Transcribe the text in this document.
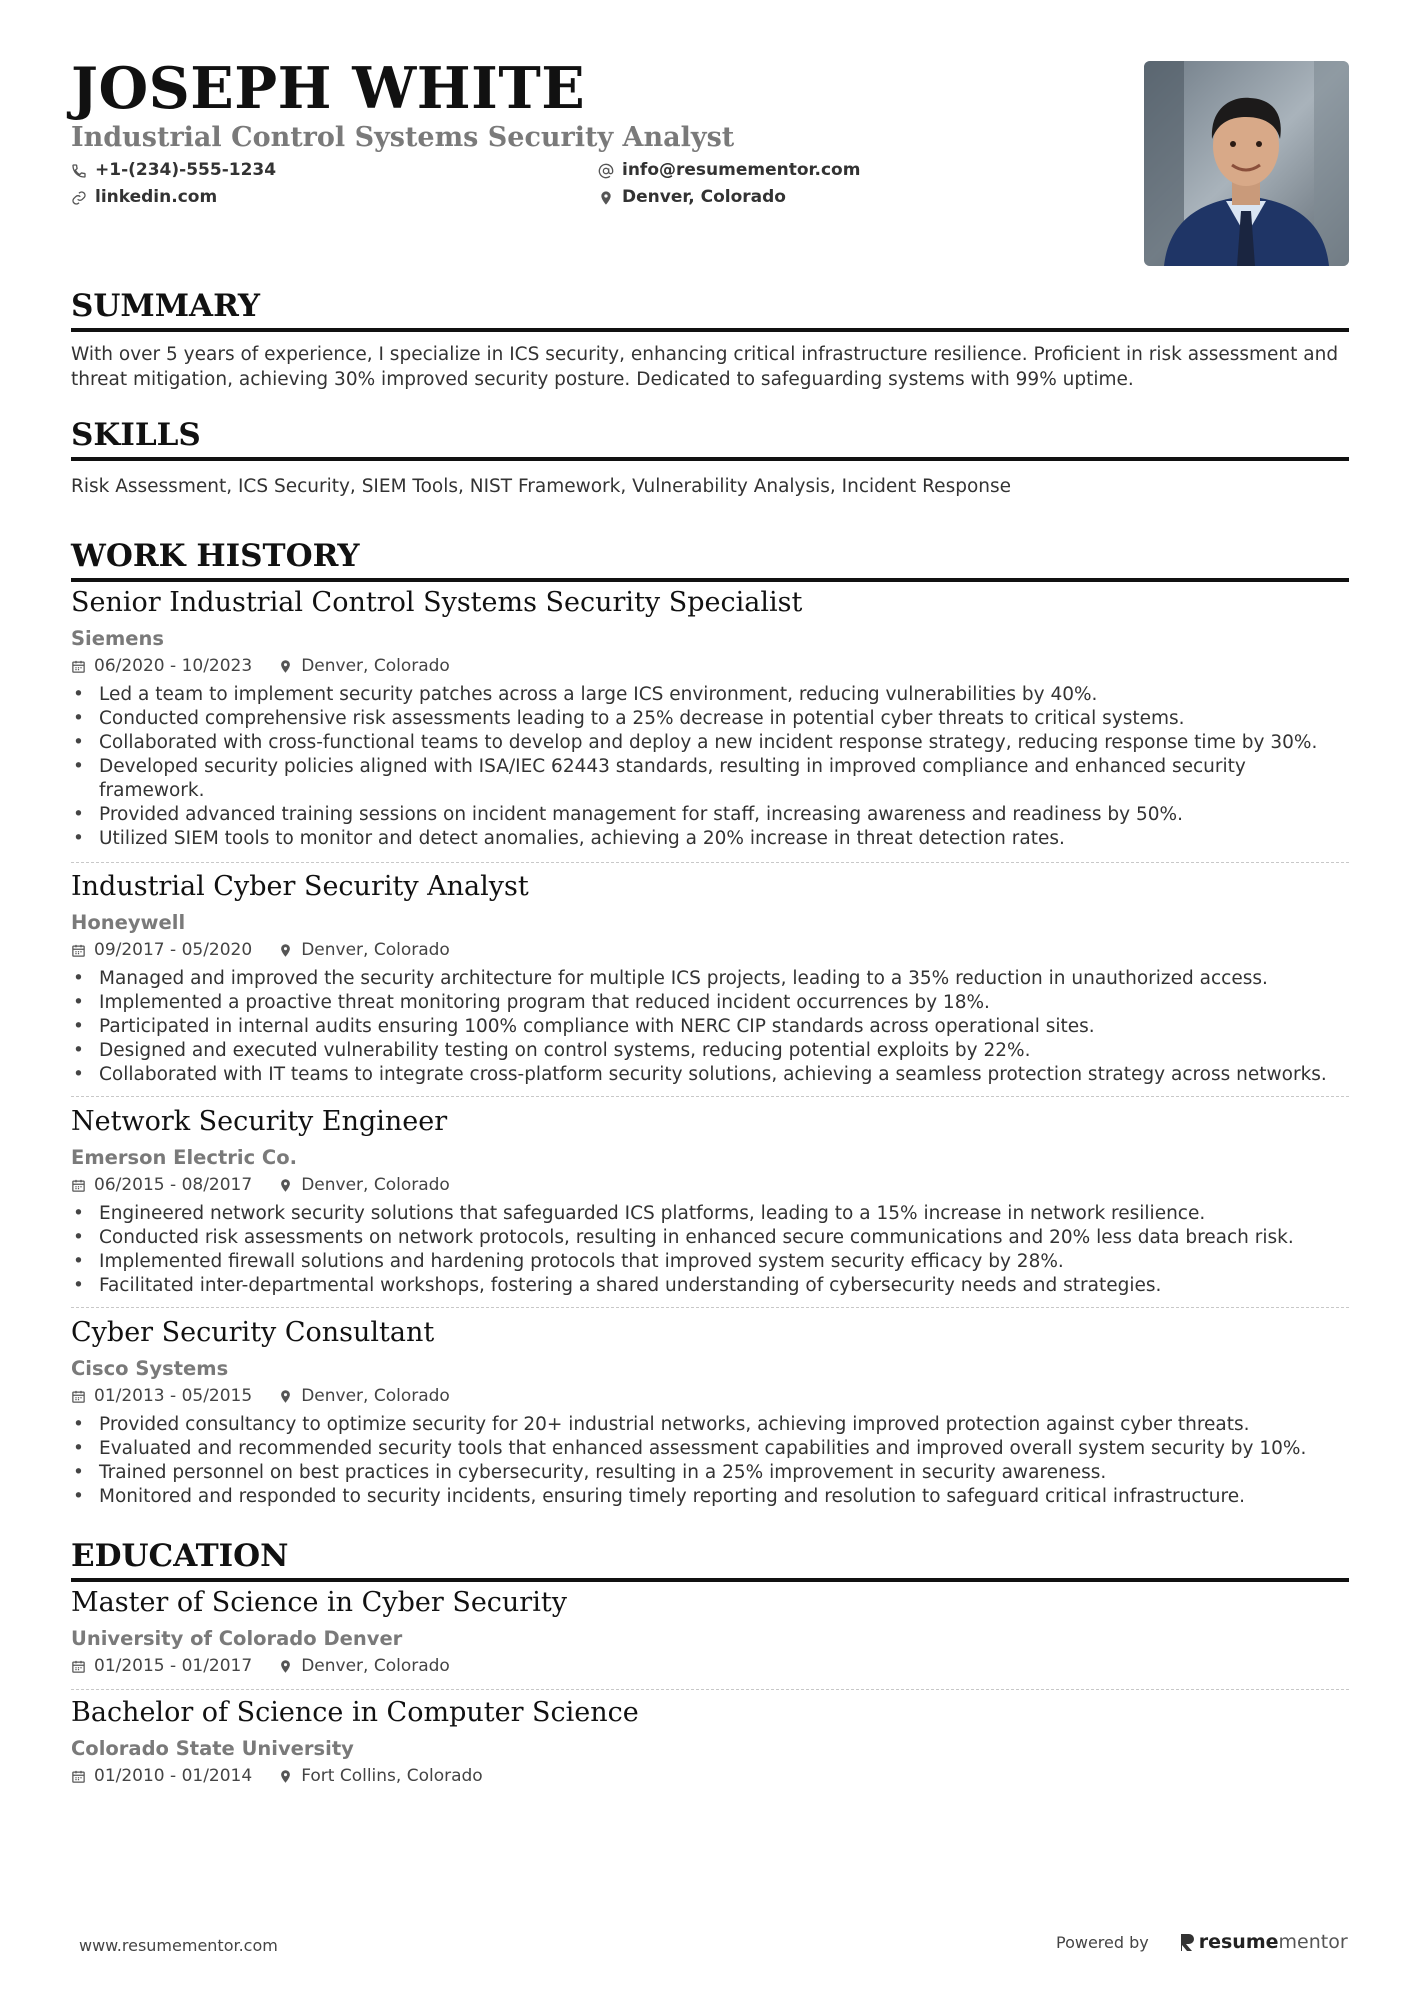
JOSEPH WHITE
Industrial Control Systems Security Analyst
+1-(234)-555-1234	info@resumementor.com
linkedin.com	Denver, Colorado
SUMMARY
With over 5 years of experience, I specialize in ICS security, enhancing critical infrastructure resilience. Proficient in risk assessment and threat mitigation, achieving 30% improved security posture. Dedicated to safeguarding systems with 99% uptime.
SKILLS
Risk Assessment, ICS Security, SIEM Tools, NIST Framework, Vulnerability Analysis, Incident Response
WORK HISTORY
Senior Industrial Control Systems Security Specialist
Siemens
06/2020 - 10/2023	Denver, Colorado
• Led a team to implement security patches across a large ICS environment, reducing vulnerabilities by 40%.
• Conducted comprehensive risk assessments leading to a 25% decrease in potential cyber threats to critical systems.
• Collaborated with cross-functional teams to develop and deploy a new incident response strategy, reducing response time by 30%.
• Developed security policies aligned with ISA/IEC 62443 standards, resulting in improved compliance and enhanced security framework.
• Provided advanced training sessions on incident management for staff, increasing awareness and readiness by 50%.
• Utilized SIEM tools to monitor and detect anomalies, achieving a 20% increase in threat detection rates.
Industrial Cyber Security Analyst
Honeywell
09/2017 - 05/2020	Denver, Colorado
• Managed and improved the security architecture for multiple ICS projects, leading to a 35% reduction in unauthorized access.
• Implemented a proactive threat monitoring program that reduced incident occurrences by 18%.
• Participated in internal audits ensuring 100% compliance with NERC CIP standards across operational sites.
• Designed and executed vulnerability testing on control systems, reducing potential exploits by 22%.
• Collaborated with IT teams to integrate cross-platform security solutions, achieving a seamless protection strategy across networks.
Network Security Engineer
Emerson Electric Co.
06/2015 - 08/2017	Denver, Colorado
• Engineered network security solutions that safeguarded ICS platforms, leading to a 15% increase in network resilience.
• Conducted risk assessments on network protocols, resulting in enhanced secure communications and 20% less data breach risk.
• Implemented firewall solutions and hardening protocols that improved system security efficacy by 28%.
• Facilitated inter-departmental workshops, fostering a shared understanding of cybersecurity needs and strategies.
Cyber Security Consultant
Cisco Systems
01/2013 - 05/2015	Denver, Colorado
• Provided consultancy to optimize security for 20+ industrial networks, achieving improved protection against cyber threats.
• Evaluated and recommended security tools that enhanced assessment capabilities and improved overall system security by 10%.
• Trained personnel on best practices in cybersecurity, resulting in a 25% improvement in security awareness.
• Monitored and responded to security incidents, ensuring timely reporting and resolution to safeguard critical infrastructure.
EDUCATION
Master of Science in Cyber Security
University of Colorado Denver
01/2015 - 01/2017	Denver, Colorado
Bachelor of Science in Computer Science
Colorado State University
01/2010 - 01/2014	Fort Collins, Colorado
www.resumementor.com	Powered by	resume mentor
